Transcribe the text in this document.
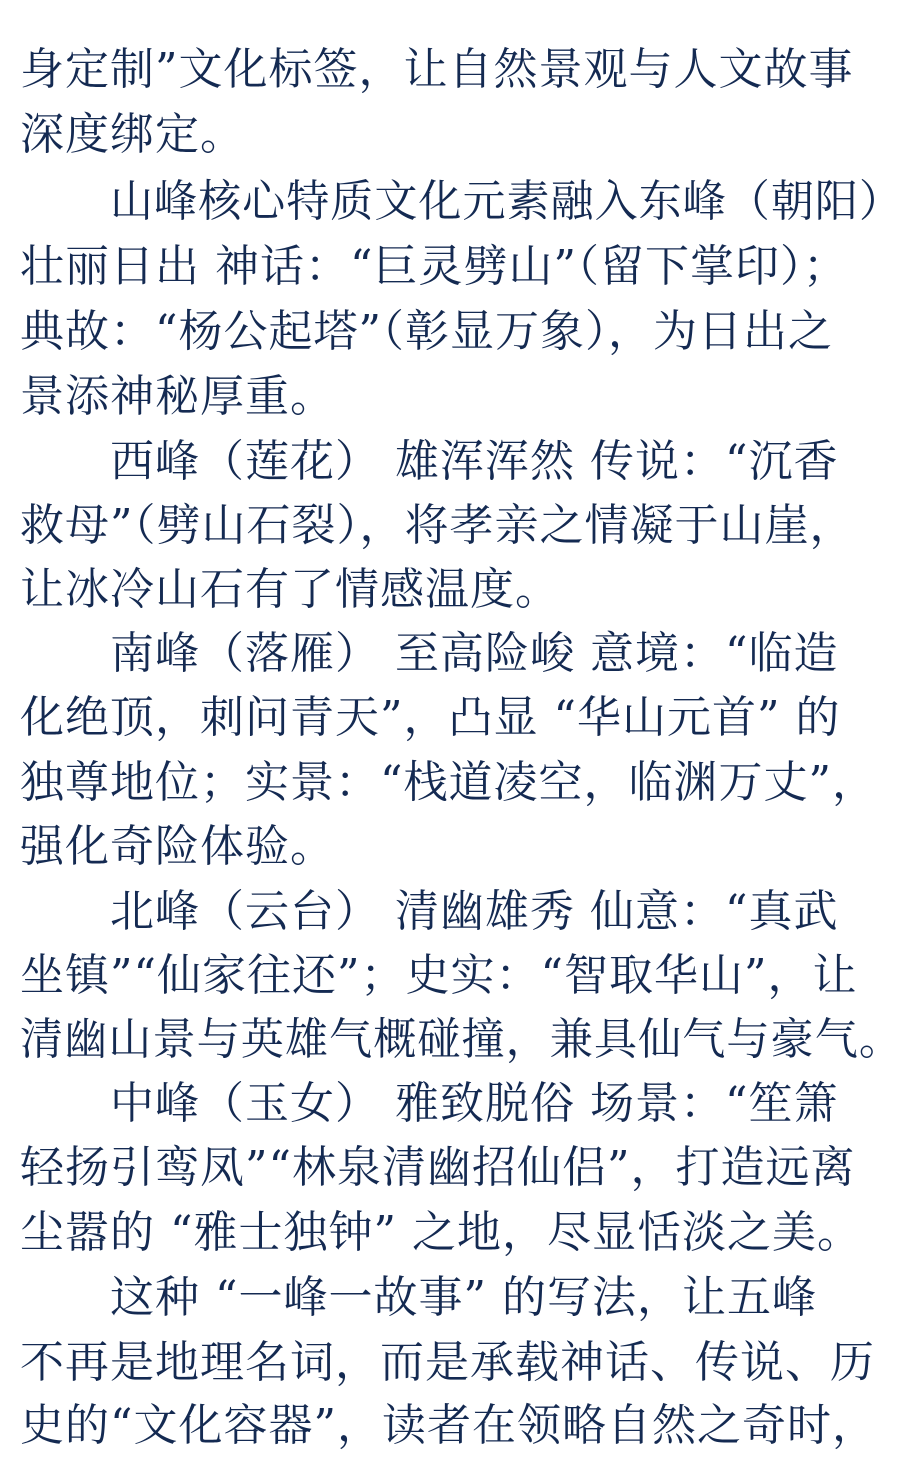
身定制”文化标签，让自然景观与人文故事
深度绑定。
山峰核心特质文化元素融入东峰（朝阳）
壮丽日出 神话：“巨灵劈山”（留下掌印）；
典故：“杨公起塔”（彰显万象），为日出之
景添神秘厚重。
西峰（莲花） 雄浑浑然 传说：“沉香
救母”（劈山石裂），将孝亲之情凝于山崖，
让冰冷山石有了情感温度。
南峰（落雁） 至高险峻 意境：“临造
化绝顶，刺问青天”，凸显 “华山元首” 的
独尊地位；实景：“栈道凌空，临渊万丈”，
强化奇险体验。
北峰（云台） 清幽雄秀 仙意：“真武
坐镇”“仙家往还”；史实：“智取华山”，让
清幽山景与英雄气概碰撞，兼具仙气与豪气。
中峰（玉女） 雅致脱俗 场景：“笙箫
轻扬引鸾凤”“林泉清幽招仙侣”，打造远离
尘嚣的 “雅士独钟” 之地，尽显恬淡之美。
这种 “一峰一故事” 的写法，让五峰
不再是地理名词，而是承载神话、传说、历
史的“文化容器”，读者在领略自然之奇时，
